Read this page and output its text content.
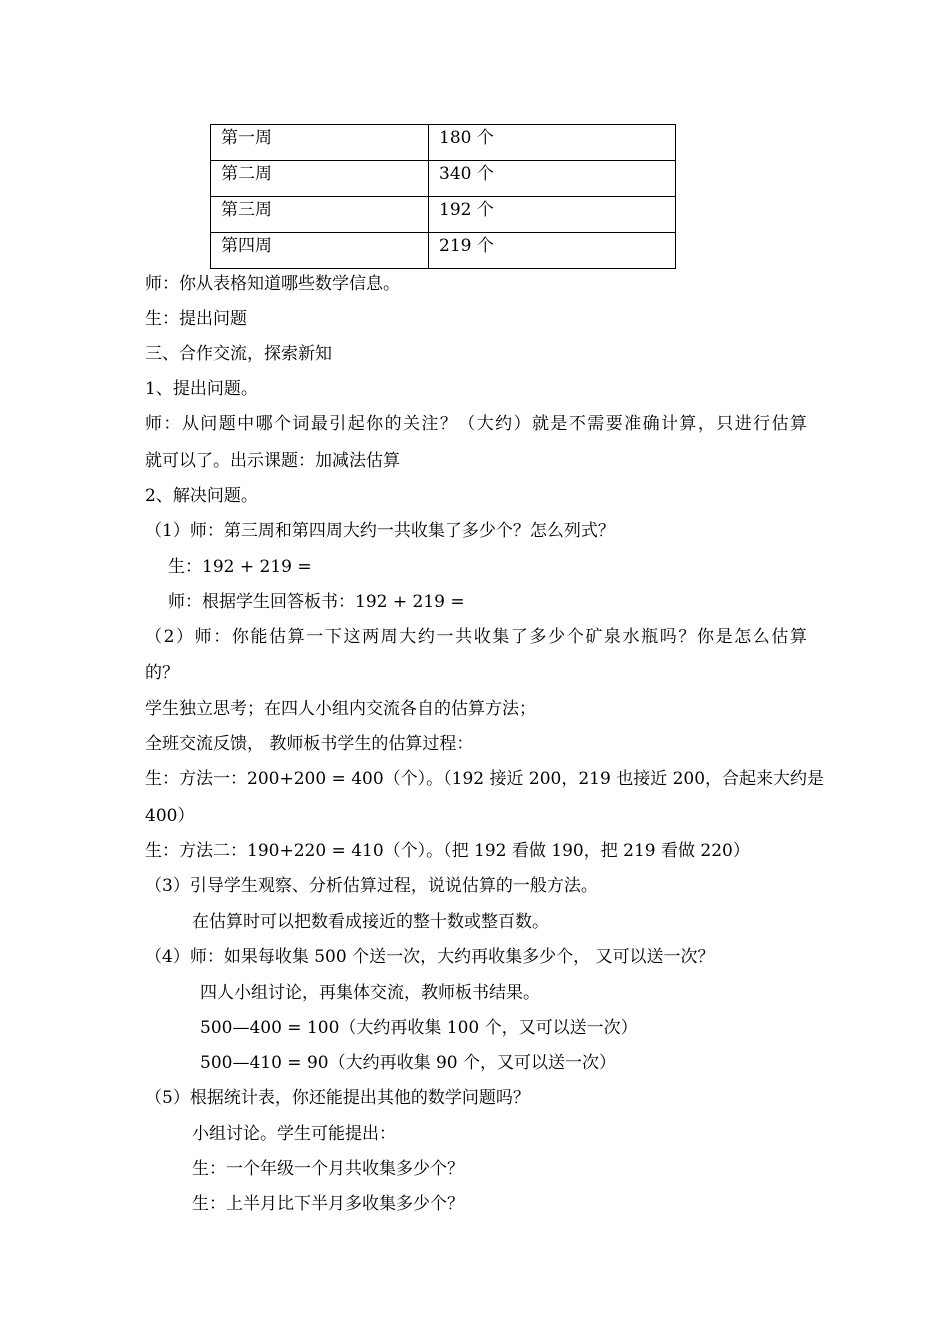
第一周	180 个
第二周	340 个
第三周	192 个
第四周	219 个
师：你从表格知道哪些数学信息。
生：提出问题
三、合作交流，探索新知
1、提出问题。
师：从问题中哪个词最引起你的关注？（大约）就是不需要准确计算，只进行估算
就可以了。出示课题：加减法估算
2、解决问题。
（1）师：第三周和第四周大约一共收集了多少个？怎么列式？
生：192 + 219 =
师：根据学生回答板书：192 + 219 =
（2）师：你能估算一下这两周大约一共收集了多少个矿泉水瓶吗？你是怎么估算
的？
学生独立思考；在四人小组内交流各自的估算方法；
全班交流反馈， 教师板书学生的估算过程：
生：方法一：200+200 = 400（个）。（192 接近 200，219 也接近 200，合起来大约是
400）
生：方法二：190+220 = 410（个）。（把 192 看做 190，把 219 看做 220）
（3）引导学生观察、分析估算过程，说说估算的一般方法。
在估算时可以把数看成接近的整十数或整百数。
（4）师：如果每收集 500 个送一次，大约再收集多少个， 又可以送一次？
四人小组讨论，再集体交流，教师板书结果。
500—400 = 100（大约再收集 100 个，又可以送一次）
500—410 = 90（大约再收集 90 个，又可以送一次）
（5）根据统计表，你还能提出其他的数学问题吗？
小组讨论。学生可能提出：
生：一个年级一个月共收集多少个？
生：上半月比下半月多收集多少个？
